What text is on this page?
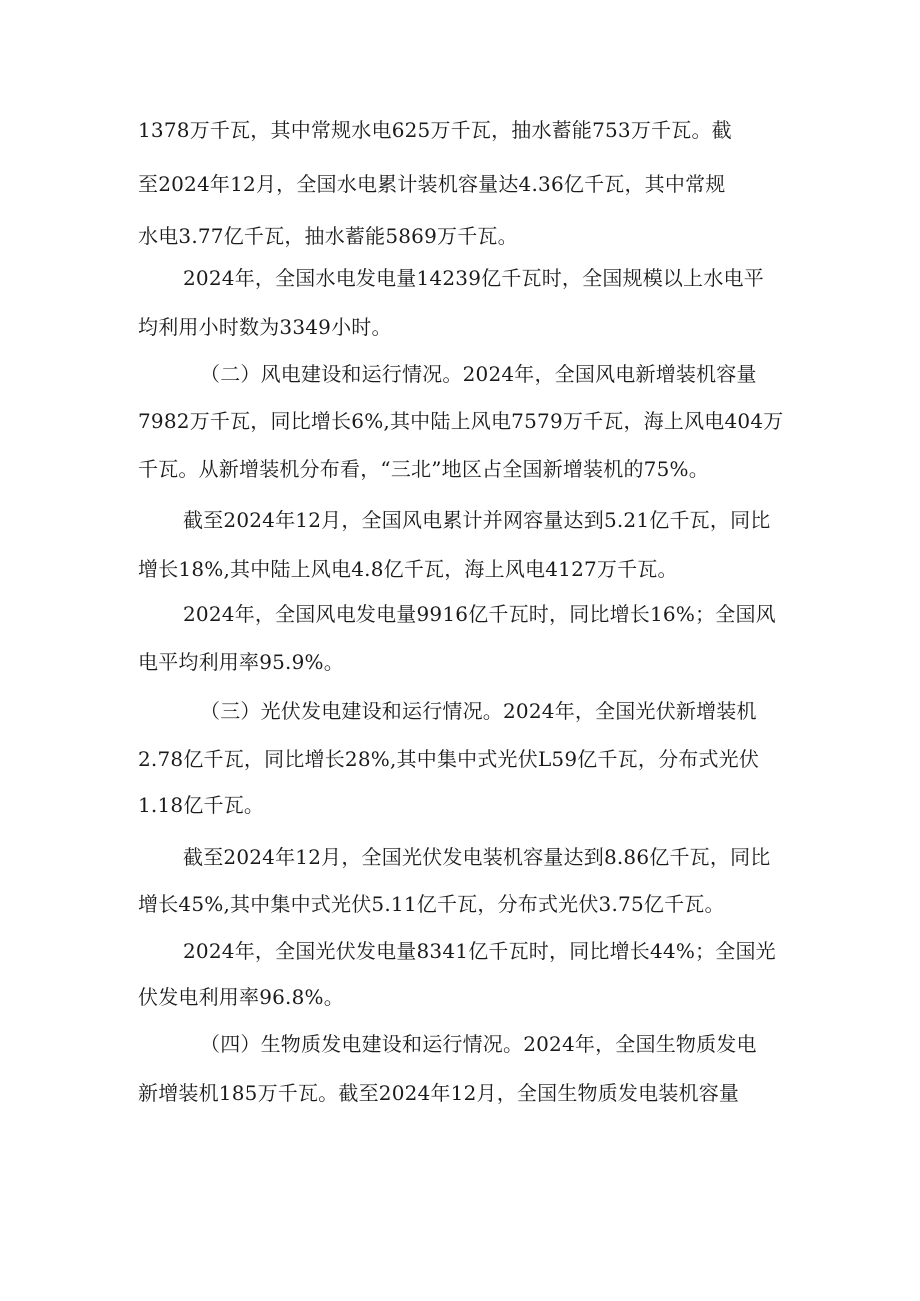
1378万千瓦，其中常规水电625万千瓦，抽水蓄能753万千瓦。截
至2024年12月，全国水电累计装机容量达4.36亿千瓦，其中常规
水电3.77亿千瓦，抽水蓄能5869万千瓦。
2024年，全国水电发电量14239亿千瓦时，全国规模以上水电平
均利用小时数为3349小时。
（二）风电建设和运行情况。2024年，全国风电新增装机容量
7982万千瓦，同比增长6%,其中陆上风电7579万千瓦，海上风电404万
千瓦。从新增装机分布看，“三北”地区占全国新增装机的75%。
截至2024年12月，全国风电累计并网容量达到5.21亿千瓦，同比
增长18%,其中陆上风电4.8亿千瓦，海上风电4127万千瓦。
2024年，全国风电发电量9916亿千瓦时，同比增长16%；全国风
电平均利用率95.9%。
（三）光伏发电建设和运行情况。2024年，全国光伏新增装机
2.78亿千瓦，同比增长28%,其中集中式光伏L59亿千瓦，分布式光伏
1.18亿千瓦。
截至2024年12月，全国光伏发电装机容量达到8.86亿千瓦，同比
增长45%,其中集中式光伏5.11亿千瓦，分布式光伏3.75亿千瓦。
2024年，全国光伏发电量8341亿千瓦时，同比增长44%；全国光
伏发电利用率96.8%。
（四）生物质发电建设和运行情况。2024年，全国生物质发电
新增装机185万千瓦。截至2024年12月，全国生物质发电装机容量
